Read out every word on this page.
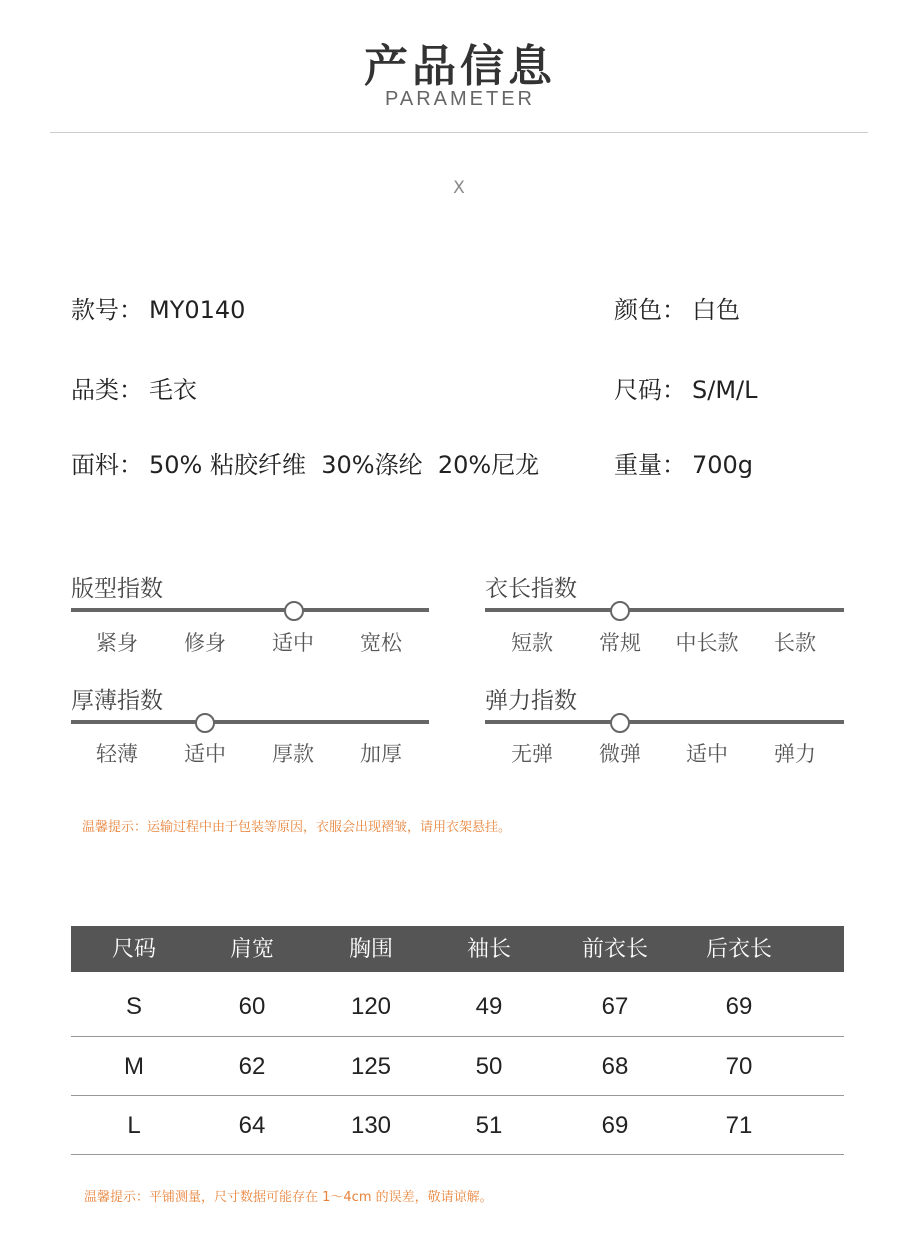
产品信息
PARAMETER
X
款号： MY0140	颜色： 白色
品类： 毛衣	尺码： S/M/L
面料： 50% 粘胶纤维  30%涤纶  20%尼龙	重量： 700g
版型指数
紧身	修身	适中	宽松
衣长指数
短款	常规	中长款	长款
厚薄指数
轻薄	适中	厚款	加厚
弹力指数
无弹	微弹	适中	弹力
温馨提示：运输过程中由于包装等原因，衣服会出现褶皱，请用衣架悬挂。
尺码	肩宽	胸围	袖长	前衣长	后衣长
S	60	120	49	67	69
M	62	125	50	68	70
L	64	130	51	69	71
温馨提示：平铺测量，尺寸数据可能存在 1～4cm 的误差，敬请谅解。
